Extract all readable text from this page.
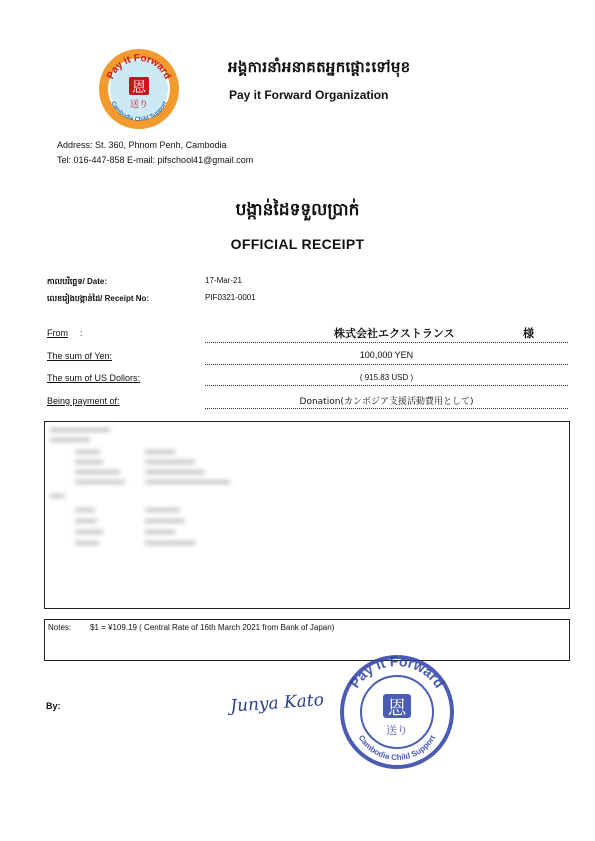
Pay it Forward
Cambodia Child Support
恩
送り
អង្គការនាំអនាគតអ្នកផ្ដោះទៅមុខ
Pay it Forward Organization
Address: St. 360, Phnom Penh, Cambodia
Tel: 016-447-858 E-mail: pifschool41@gmail.com
បង្កាន់ដៃទទួលប្រាក់
OFFICIAL RECEIPT
កាលបរិច្ឆេទ/ Date:	17-Mar-21
លេខរៀងបង្កាន់ដៃ/ Receipt No:	PIF0321-0001
From :	株式会社エクストランス	様
The sum of Yen:	100,000 YEN
The sum of US Dollors:	( 915.83 USD )
Being payment of:	Donation(カンボジア支援活動費用として)
Notes: $1 = ¥109.19 ( Central Rate of 16th March 2021 from Bank of Japan)
By:	Junya Kato
Pay it Forward
Cambodia Child Support
恩
送り
